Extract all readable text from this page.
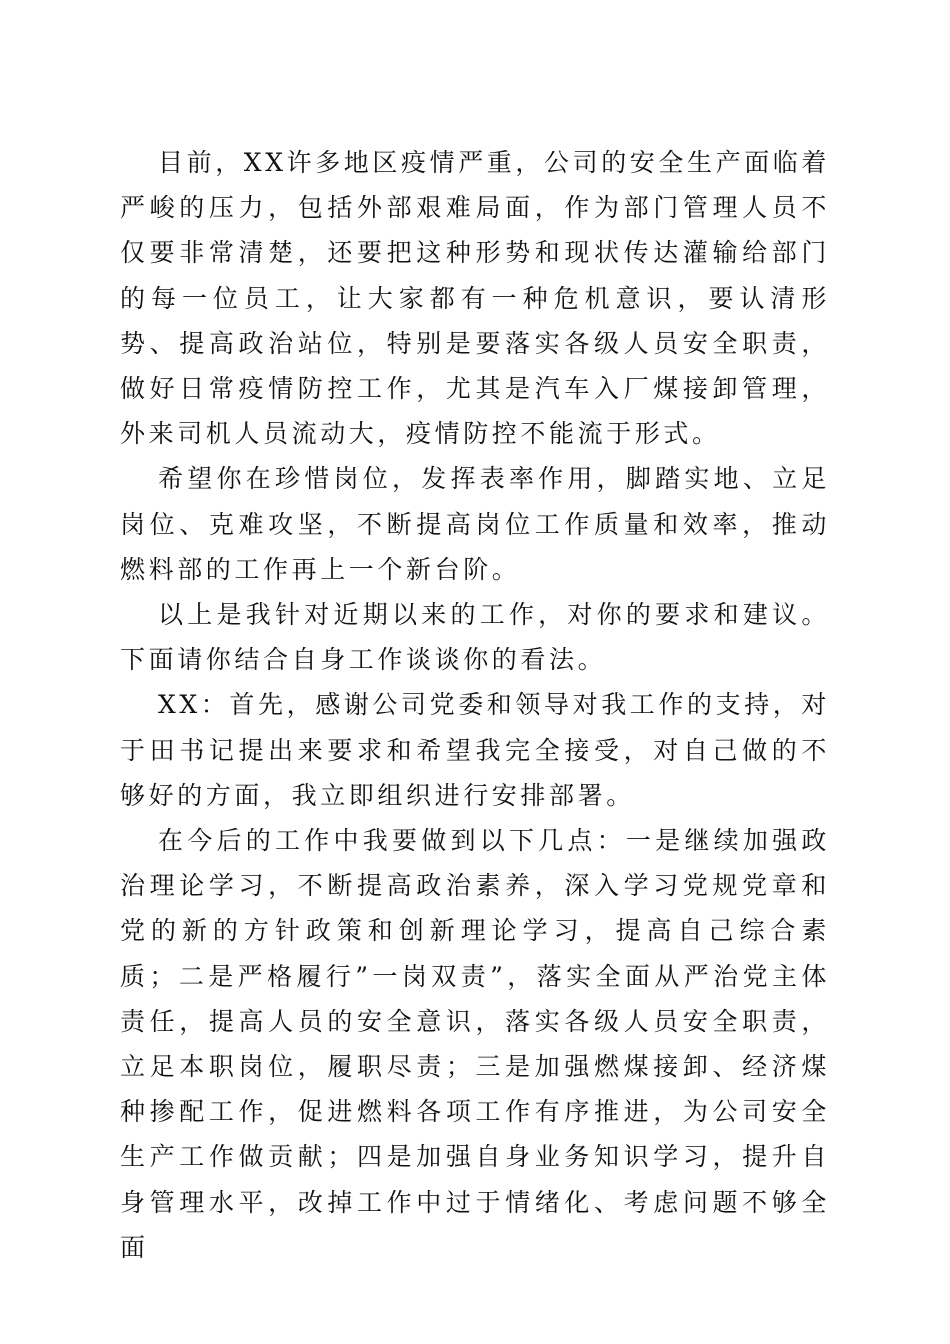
目前，XX许多地区疫情严重，公司的安全生产面临着严峻的压力，包括外部艰难局面，作为部门管理人员不仅要非常清楚，还要把这种形势和现状传达灌输给部门的每一位员工，让大家都有一种危机意识，要认清形势、提高政治站位，特别是要落实各级人员安全职责，做好日常疫情防控工作，尤其是汽车入厂煤接卸管理，外来司机人员流动大，疫情防控不能流于形式。

希望你在珍惜岗位，发挥表率作用，脚踏实地、立足岗位、克难攻坚，不断提高岗位工作质量和效率，推动燃料部的工作再上一个新台阶。

以上是我针对近期以来的工作，对你的要求和建议。下面请你结合自身工作谈谈你的看法。

XX：首先，感谢公司党委和领导对我工作的支持，对于田书记提出来要求和希望我完全接受，对自己做的不够好的方面，我立即组织进行安排部署。

在今后的工作中我要做到以下几点：一是继续加强政治理论学习，不断提高政治素养，深入学习党规党章和党的新的方针政策和创新理论学习，提高自己综合素质；二是严格履行”一岗双责”，落实全面从严治党主体责任，提高人员的安全意识，落实各级人员安全职责，立足本职岗位，履职尽责；三是加强燃煤接卸、经济煤种掺配工作，促进燃料各项工作有序推进，为公司安全生产工作做贡献；四是加强自身业务知识学习，提升自身管理水平，改掉工作中过于情绪化、考虑问题不够全面
